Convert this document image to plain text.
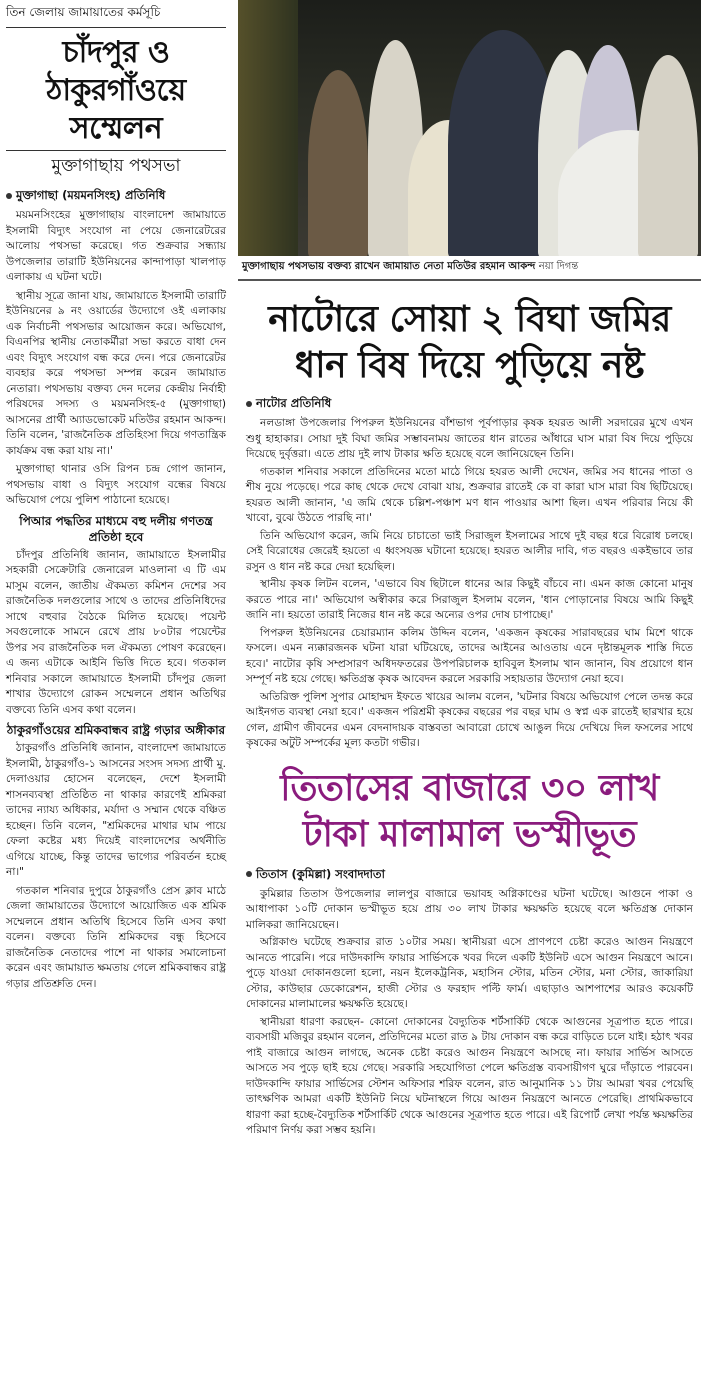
তিন জেলায় জামায়াতের কর্মসূচি
চাঁদপুর ও
ঠাকুরগাঁওয়ে
সম্মেলন
মুক্তাগাছায় পথসভা
মুক্তাগাছা (ময়মনসিংহ) প্রতিনিধি
ময়মনসিংহের মুক্তাগাছায় বাংলাদেশ জামায়াতে ইসলামী বিদ্যুৎ সংযোগ না পেয়ে জেনারেটরের আলোয় পথসভা করেছে। গত শুক্রবার সন্ধ্যায় উপজেলার তারাটি ইউনিয়নের কান্দাপাড়া খালপাড় এলাকায় এ ঘটনা ঘটে।
স্থানীয় সূত্রে জানা যায়, জামায়াতে ইসলামী তারাটি ইউনিয়নের ৯ নং ওয়ার্ডের উদ্যোগে ওই এলাকায় এক নির্বাচনী পথসভার আয়োজন করে। অভিযোগ, বিএনপির স্থানীয় নেতাকর্মীরা সভা করতে বাধা দেন এবং বিদ্যুৎ সংযোগ বন্ধ করে দেন। পরে জেনারেটর ব্যবহার করে পথসভা সম্পন্ন করেন জামায়াত নেতারা। পথসভায় বক্তব্য দেন দলের কেন্দ্রীয় নির্বাহী পরিষদের সদস্য ও ময়মনসিংহ-৫ (মুক্তাগাছা) আসনের প্রার্থী অ্যাডভোকেট মতিউর রহমান আকন্দ। তিনি বলেন, 'রাজনৈতিক প্রতিহিংসা দিয়ে গণতান্ত্রিক কার্যক্রম বন্ধ করা যায় না।'
মুক্তাগাছা থানার ওসি রিপন চন্দ্র গোপ জানান, পথসভায় বাধা ও বিদ্যুৎ সংযোগ বন্ধের বিষয়ে অভিযোগ পেয়ে পুলিশ পাঠানো হয়েছে।
পিআর পদ্ধতির মাধ্যমে বহু দলীয় গণতন্ত্র প্রতিষ্ঠা হবে
চাঁদপুর প্রতিনিধি জানান, জামায়াতে ইসলামীর সহকারী সেক্রেটারি জেনারেল মাওলানা এ টি এম মাসুম বলেন, জাতীয় ঐকমত্য কমিশন দেশের সব রাজনৈতিক দলগুলোর সাথে ও তাদের প্রতিনিধিদের সাথে বহুবার বৈঠকে মিলিত হয়েছে। পয়েন্ট সবগুলোকে সামনে রেখে প্রায় ৮০টার পয়েন্টের উপর সব রাজনৈতিক দল ঐকমত্য পোষণ করেছেন। এ জন্য এটাকে আইনি ভিত্তি দিতে হবে। গতকাল শনিবার সকালে জামায়াতে ইসলামী চাঁদপুর জেলা শাখার উদ্যোগে রোকন সম্মেলনে প্রধান অতিথির বক্তব্যে তিনি এসব কথা বলেন।
ঠাকুরগাঁওয়ের শ্রমিকবান্ধব রাষ্ট্র গড়ার অঙ্গীকার
ঠাকুরগাঁও প্রতিনিধি জানান, বাংলাদেশ জামায়াতে ইসলামী, ঠাকুরগাঁও-১ আসনের সংসদ সদস্য প্রার্থী মু. দেলাওয়ার হোসেন বলেছেন, দেশে ইসলামী শাসনব্যবস্থা প্রতিষ্ঠিত না থাকার কারণেই শ্রমিকরা তাদের ন্যায্য অধিকার, মর্যাদা ও সম্মান থেকে বঞ্চিত হচ্ছেন। তিনি বলেন, "শ্রমিকদের মাথার ঘাম পায়ে ফেলা কষ্টের মধ্য দিয়েই বাংলাদেশের অর্থনীতি এগিয়ে যাচ্ছে, কিন্তু তাদের ভাগ্যের পরিবর্তন হচ্ছে না।"
গতকাল শনিবার দুপুরে ঠাকুরগাঁও প্রেস ক্লাব মাঠে জেলা জামায়াতের উদ্যোগে আয়োজিত এক শ্রমিক সম্মেলনে প্রধান অতিথি হিসেবে তিনি এসব কথা বলেন। বক্তব্যে তিনি শ্রমিকদের বন্ধু হিসেবে রাজনৈতিক নেতাদের পাশে না থাকার সমালোচনা করেন এবং জামায়াত ক্ষমতায় গেলে শ্রমিকবান্ধব রাষ্ট্র গড়ার প্রতিশ্রুতি দেন।
মুক্তাগাছায় পথসভায় বক্তব্য রাখেন জামায়াত নেতা মতিউর রহমান আকন্দ নয়া দিগন্ত
নাটোরে সোয়া ২ বিঘা জমির
ধান বিষ দিয়ে পুড়িয়ে নষ্ট
নাটোর প্রতিনিধি
নলডাঙ্গা উপজেলার পিপরুল ইউনিয়নের বাঁশভাগ পূর্বপাড়ার কৃষক হযরত আলী সরদারের মুখে এখন শুধু হাহাকার। সোয়া দুই বিঘা জমির সম্ভাবনাময় জাতের ধান রাতের আঁধারে ঘাস মারা বিষ দিয়ে পুড়িয়ে দিয়েছে দুর্বৃত্তরা। এতে প্রায় দুই লাখ টাকার ক্ষতি হয়েছে বলে জানিয়েছেন তিনি।
গতকাল শনিবার সকালে প্রতিদিনের মতো মাঠে গিয়ে হযরত আলী দেখেন, জমির সব ধানের পাতা ও শীষ নুয়ে পড়েছে। পরে কাছ থেকে দেখে বোঝা যায়, শুক্রবার রাতেই কে বা কারা ঘাস মারা বিষ ছিটিয়েছে। হযরত আলী জানান, 'এ জমি থেকে চল্লিশ-পঞ্চাশ মণ ধান পাওয়ার আশা ছিল। এখন পরিবার নিয়ে কী খাবো, বুঝে উঠতে পারছি না।'
তিনি অভিযোগ করেন, জমি নিয়ে চাচাতো ভাই সিরাজুল ইসলামের সাথে দুই বছর ধরে বিরোধ চলছে। সেই বিরোধের জেরেই হয়তো এ ধ্বংসযজ্ঞ ঘটানো হয়েছে। হযরত আলীর দাবি, গত বছরও একইভাবে তার রসুন ও ধান নষ্ট করে দেয়া হয়েছিল।
স্থানীয় কৃষক লিটন বলেন, 'এভাবে বিষ ছিটালে ধানের আর কিছুই বাঁচবে না। এমন কাজ কোনো মানুষ করতে পারে না।' অভিযোগ অস্বীকার করে সিরাজুল ইসলাম বলেন, 'ধান পোড়ানোর বিষয়ে আমি কিছুই জানি না। হয়তো তারাই নিজের ধান নষ্ট করে অন্যের ওপর দোষ চাপাচ্ছে।'
পিপরুল ইউনিয়নের চেয়ারম্যান কলিম উদ্দিন বলেন, 'একজন কৃষকের সারাবছরের ঘাম মিশে থাকে ফসলে। এমন ন্যক্কারজনক ঘটনা যারা ঘটিয়েছে, তাদের আইনের আওতায় এনে দৃষ্টান্তমূলক শাস্তি দিতে হবে।' নাটোর কৃষি সম্প্রসারণ অধিদফতরের উপপরিচালক হাবিবুল ইসলাম খান জানান, বিষ প্রয়োগে ধান সম্পূর্ণ নষ্ট হয়ে গেছে। ক্ষতিগ্রস্ত কৃষক আবেদন করলে সরকারি সহায়তার উদ্যোগ নেয়া হবে।
অতিরিক্ত পুলিশ সুপার মোহাম্মদ ইফতে খায়ের আলম বলেন, 'ঘটনার বিষয়ে অভিযোগ পেলে তদন্ত করে আইনগত ব্যবস্থা নেয়া হবে।' একজন পরিশ্রমী কৃষকের বছরের পর বছর ঘাম ও স্বপ্ন এক রাতেই ছারখার হয়ে গেল, গ্রামীণ জীবনের এমন বেদনাদায়ক বাস্তবতা আবারো চোখে আঙুল দিয়ে দেখিয়ে দিল ফসলের সাথে কৃষকের অটুট সম্পর্কের মূল্য কতটা গভীর।
তিতাসের বাজারে ৩০ লাখ
টাকা মালামাল ভস্মীভূত
তিতাস (কুমিল্লা) সংবাদদাতা
কুমিল্লার তিতাস উপজেলার লালপুর বাজারে ভয়াবহ অগ্নিকাণ্ডের ঘটনা ঘটেছে। আগুনে পাকা ও আধাপাকা ১০টি দোকান ভস্মীভূত হয়ে প্রায় ৩০ লাখ টাকার ক্ষয়ক্ষতি হয়েছে বলে ক্ষতিগ্রস্ত দোকান মালিকরা জানিয়েছেন।
অগ্নিকাণ্ড ঘটেছে শুক্রবার রাত ১০টার সময়। স্থানীয়রা এসে প্রাণপণে চেষ্টা করেও আগুন নিয়ন্ত্রণে আনতে পারেনি। পরে দাউদকান্দি ফায়ার সার্ভিসকে খবর দিলে একটি ইউনিট এসে আগুন নিয়ন্ত্রণে আনে। পুড়ে যাওয়া দোকানগুলো হলো, নয়ন ইলেকট্রনিক, মহাসিন স্টোর, মতিন স্টোর, মনা স্টোর, জাকারিয়া স্টোর, কাউছার ডেকোরেশন, হাজী স্টোর ও ফরহাদ পল্টি ফার্ম। এছাড়াও আশপাশের আরও কয়েকটি দোকানের মালামালের ক্ষয়ক্ষতি হয়েছে।
স্থানীয়রা ধারণা করছেন- কোনো দোকানের বৈদ্যুতিক শর্টসার্কিট থেকে আগুনের সূত্রপাত হতে পারে। ব্যবসায়ী মজিবুর রহমান বলেন, প্রতিদিনের মতো রাত ৯ টায় দোকান বন্ধ করে বাড়িতে চলে যাই। হঠাৎ খবর পাই বাজারে আগুন লাগছে, অনেক চেষ্টা করেও আগুন নিয়ন্ত্রণে আসছে না। ফায়ার সার্ভিস আসতে আসতে সব পুড়ে ছাই হয়ে গেছে। সরকারি সহযোগিতা পেলে ক্ষতিগ্রস্ত ব্যবসায়ীগণ ঘুরে দাঁড়াতে পারবেন। দাউদকান্দি ফায়ার সার্ভিসের স্টেশন অফিসার শরিফ বলেন, রাত আনুমানিক ১১ টায় আমরা খবর পেয়েছি তাৎক্ষণিক আমরা একটি ইউনিট নিয়ে ঘটনাস্থলে গিয়ে আগুন নিয়ন্ত্রণে আনতে পেরেছি। প্রাথমিকভাবে ধারণা করা হচ্ছে-বৈদ্যুতিক শর্টসার্কিট থেকে আগুনের সূত্রপাত হতে পারে। এই রিপোর্ট লেখা পর্যন্ত ক্ষয়ক্ষতির পরিমাণ নির্ণয় করা সম্ভব হয়নি।
